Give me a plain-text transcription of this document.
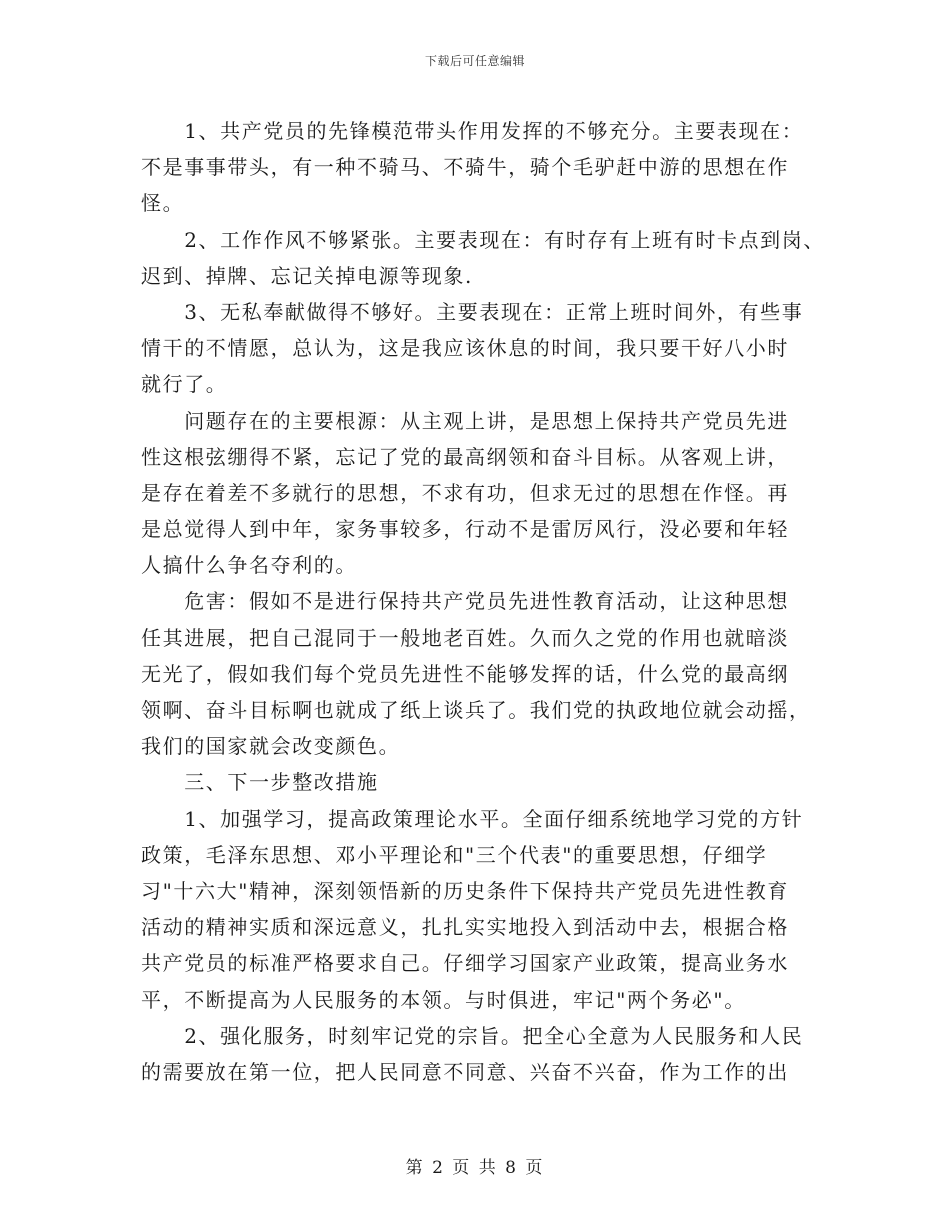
下载后可任意编辑
　　1、共产党员的先锋模范带头作用发挥的不够充分。主要表现在：
不是事事带头，有一种不骑马、不骑牛，骑个毛驴赶中游的思想在作
怪。
　　2、工作作风不够紧张。主要表现在：有时存有上班有时卡点到岗、
迟到、掉牌、忘记关掉电源等现象.
　　3、无私奉献做得不够好。主要表现在：正常上班时间外，有些事
情干的不情愿，总认为，这是我应该休息的时间，我只要干好八小时
就行了。
　　问题存在的主要根源：从主观上讲，是思想上保持共产党员先进
性这根弦绷得不紧，忘记了党的最高纲领和奋斗目标。从客观上讲，
是存在着差不多就行的思想，不求有功，但求无过的思想在作怪。再
是总觉得人到中年，家务事较多，行动不是雷厉风行，没必要和年轻
人搞什么争名夺利的。
　　危害：假如不是进行保持共产党员先进性教育活动，让这种思想
任其进展，把自己混同于一般地老百姓。久而久之党的作用也就暗淡
无光了，假如我们每个党员先进性不能够发挥的话，什么党的最高纲
领啊、奋斗目标啊也就成了纸上谈兵了。我们党的执政地位就会动摇，
我们的国家就会改变颜色。
　　三、下一步整改措施
　　1、加强学习，提高政策理论水平。全面仔细系统地学习党的方针
政策，毛泽东思想、邓小平理论和"三个代表"的重要思想，仔细学
习"十六大"精神，深刻领悟新的历史条件下保持共产党员先进性教育
活动的精神实质和深远意义，扎扎实实地投入到活动中去，根据合格
共产党员的标准严格要求自己。仔细学习国家产业政策，提高业务水
平，不断提高为人民服务的本领。与时俱进，牢记"两个务必"。
　　2、强化服务，时刻牢记党的宗旨。把全心全意为人民服务和人民
的需要放在第一位，把人民同意不同意、兴奋不兴奋，作为工作的出
第 2 页 共 8 页
